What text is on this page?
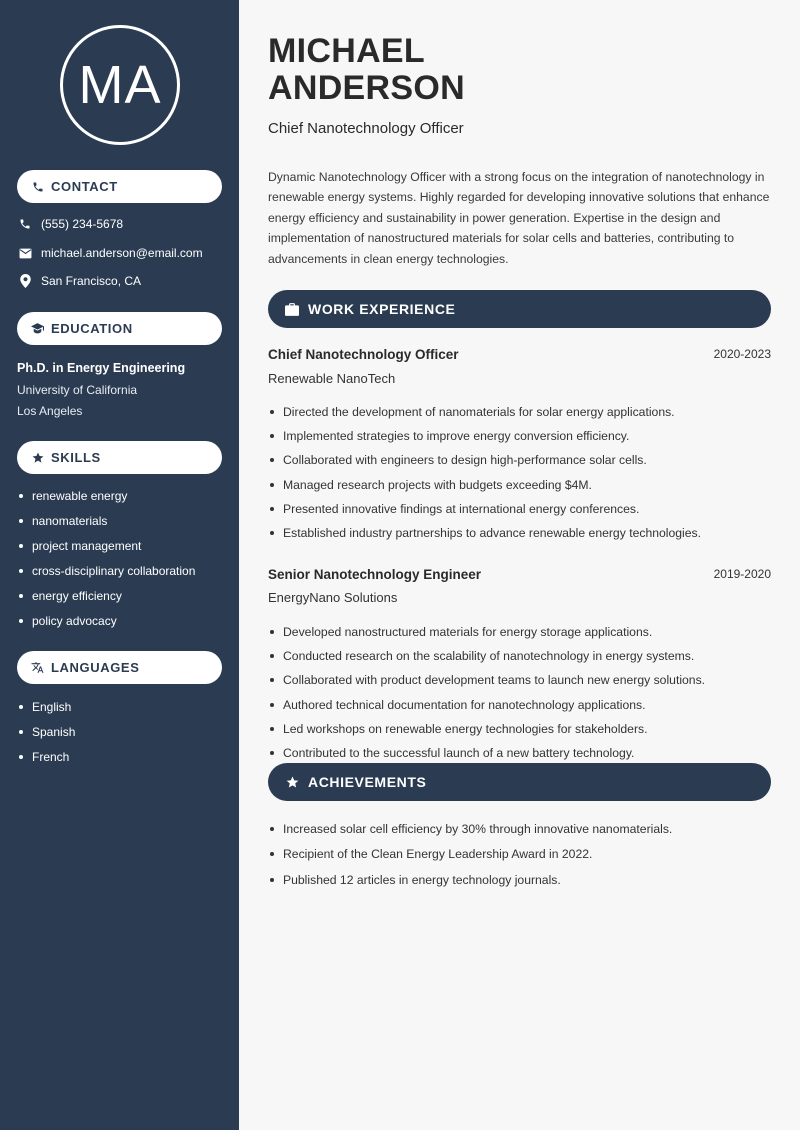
MA
CONTACT
(555) 234-5678
michael.anderson@email.com
San Francisco, CA
EDUCATION
Ph.D. in Energy Engineering
University of California
Los Angeles
SKILLS
renewable energy
nanomaterials
project management
cross-disciplinary collaboration
energy efficiency
policy advocacy
LANGUAGES
English
Spanish
French
MICHAEL
ANDERSON
Chief Nanotechnology Officer
Dynamic Nanotechnology Officer with a strong focus on the integration of nanotechnology in renewable energy systems. Highly regarded for developing innovative solutions that enhance energy efficiency and sustainability in power generation. Expertise in the design and implementation of nanostructured materials for solar cells and batteries, contributing to advancements in clean energy technologies.
WORK EXPERIENCE
Chief Nanotechnology Officer	2020-2023
Renewable NanoTech
Directed the development of nanomaterials for solar energy applications.
Implemented strategies to improve energy conversion efficiency.
Collaborated with engineers to design high-performance solar cells.
Managed research projects with budgets exceeding $4M.
Presented innovative findings at international energy conferences.
Established industry partnerships to advance renewable energy technologies.
Senior Nanotechnology Engineer	2019-2020
EnergyNano Solutions
Developed nanostructured materials for energy storage applications.
Conducted research on the scalability of nanotechnology in energy systems.
Collaborated with product development teams to launch new energy solutions.
Authored technical documentation for nanotechnology applications.
Led workshops on renewable energy technologies for stakeholders.
Contributed to the successful launch of a new battery technology.
ACHIEVEMENTS
Increased solar cell efficiency by 30% through innovative nanomaterials.
Recipient of the Clean Energy Leadership Award in 2022.
Published 12 articles in energy technology journals.
